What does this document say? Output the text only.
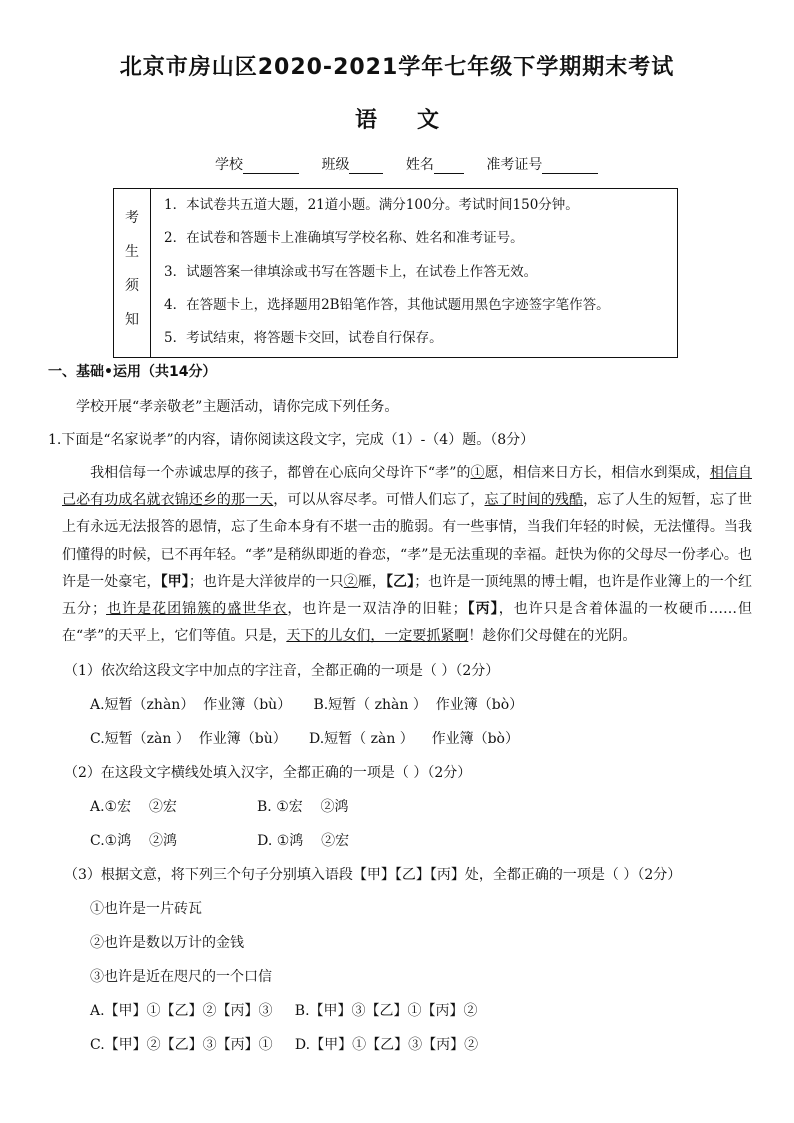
北京市房山区2020-2021学年七年级下学期期末考试
语文
学校	班级	姓名	准考证号
考
生
须
知
1．本试卷共五道大题，21道小题。满分100分。考试时间150分钟。
2．在试卷和答题卡上准确填写学校名称、姓名和准考证号。
3．试题答案一律填涂或书写在答题卡上，在试卷上作答无效。
4．在答题卡上，选择题用2B铅笔作答，其他试题用黑色字迹签字笔作答。
5．考试结束，将答题卡交回，试卷自行保存。
一、基础•运用（共14分）
学校开展“孝亲敬老”主题活动，请你完成下列任务。
1.下面是“名家说孝”的内容，请你阅读这段文字，完成（1）-（4）题。（8分）
我相信每一个赤诚忠厚的孩子，都曾在心底向父母许下“孝”的①愿，相信来日方长，相信水到渠成，相信自己必有功成名就衣锦还乡的那一天，可以从容尽孝。可惜人们忘了，忘了时间的残酷，忘了人生的短暂，忘了世上有永远无法报答的恩情，忘了生命本身有不堪一击的脆弱。有一些事情，当我们年轻的时候，无法懂得。当我们懂得的时候，已不再年轻。“孝”是稍纵即逝的眷恋，“孝”是无法重现的幸福。赶快为你的父母尽一份孝心。也许是一处豪宅，【甲】；也许是大洋彼岸的一只②雁，【乙】；也许是一顶纯黑的博士帽，也许是作业簿上的一个红五分；也许是花团锦簇的盛世华衣，也许是一双洁净的旧鞋；【丙】，也许只是含着体温的一枚硬币……但在“孝”的天平上，它们等值。只是，天下的儿女们，一定要抓紧啊！趁你们父母健在的光阴。
（1）依次给这段文字中加点的字注音，全都正确的一项是（ ）（2分）
A.短暂（zhàn）  作业簿（bù）     B.短暂（ zhàn ）  作业簿（bò）
C.短暂（zàn ）  作业簿（bù）     D.短暂（ zàn ）    作业簿（bò）
（2）在这段文字横线处填入汉字，全都正确的一项是（ ）（2分）
A.①宏    ②宏                  B. ①宏    ②鸿
C.①鸿    ②鸿                  D. ①鸿    ②宏
（3）根据文意，将下列三个句子分别填入语段【甲】【乙】【丙】处，全都正确的一项是（ ）（2分）
①也许是一片砖瓦
②也许是数以万计的金钱
③也许是近在咫尺的一个口信
A.【甲】①【乙】②【丙】③     B.【甲】③【乙】①【丙】②
C.【甲】②【乙】③【丙】①     D.【甲】①【乙】③【丙】②
